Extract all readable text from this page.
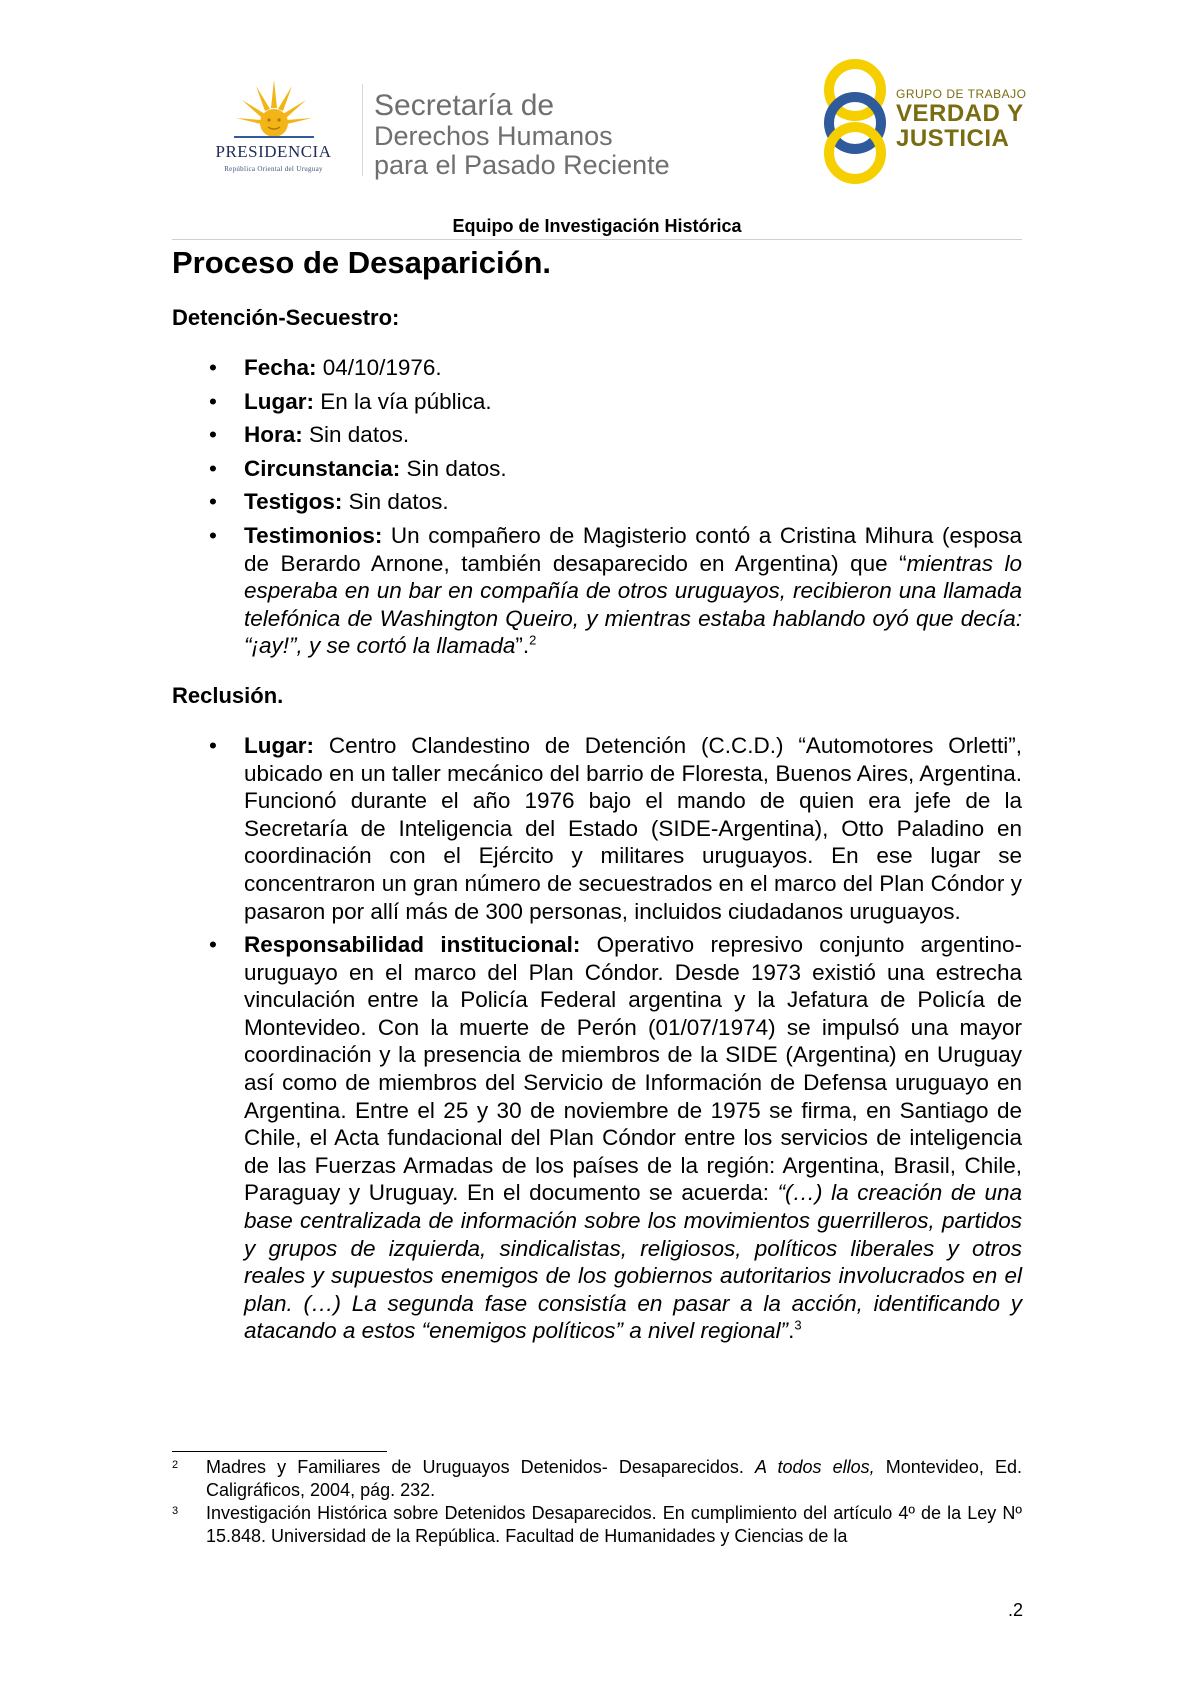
PRESIDENCIA
República Oriental del Uruguay
Secretaría de
Derechos Humanos
para el Pasado Reciente
GRUPO DE TRABAJO
VERDAD Y
JUSTICIA
Equipo de Investigación Histórica
Proceso de Desaparición.
Detención-Secuestro:
• Fecha: 04/10/1976.
• Lugar: En la vía pública.
• Hora: Sin datos.
• Circunstancia: Sin datos.
• Testigos: Sin datos.
• Testimonios: Un compañero de Magisterio contó a Cristina Mihura (esposa de Berardo Arnone, también desaparecido en Argentina) que “mientras lo esperaba en un bar en compañía de otros uruguayos, recibieron una llamada telefónica de Washington Queiro, y mientras estaba hablando oyó que decía: “¡ay!”, y se cortó la llamada”.$^2$
Reclusión.
• Lugar: Centro Clandestino de Detención (C.C.D.) “Automotores Orletti”, ubicado en un taller mecánico del barrio de Floresta, Buenos Aires, Argentina. Funcionó durante el año 1976 bajo el mando de quien era jefe de la Secretaría de Inteligencia del Estado (SIDE-Argentina), Otto Paladino en coordinación con el Ejército y militares uruguayos. En ese lugar se concentraron un gran número de secuestrados en el marco del Plan Cóndor y pasaron por allí más de 300 personas, incluidos ciudadanos uruguayos.
• Responsabilidad institucional: Operativo represivo conjunto argentino-uruguayo en el marco del Plan Cóndor. Desde 1973 existió una estrecha vinculación entre la Policía Federal argentina y la Jefatura de Policía de Montevideo. Con la muerte de Perón (01/07/1974) se impulsó una mayor coordinación y la presencia de miembros de la SIDE (Argentina) en Uruguay así como de miembros del Servicio de Información de Defensa uruguayo en Argentina. Entre el 25 y 30 de noviembre de 1975 se firma, en Santiago de Chile, el Acta fundacional del Plan Cóndor entre los servicios de inteligencia de las Fuerzas Armadas de los países de la región: Argentina, Brasil, Chile, Paraguay y Uruguay. En el documento se acuerda: “(…) la creación de una base centralizada de información sobre los movimientos guerrilleros, partidos y grupos de izquierda, sindicalistas, religiosos, políticos liberales y otros reales y supuestos enemigos de los gobiernos autoritarios involucrados en el plan. (…) La segunda fase consistía en pasar a la acción, identificando y atacando a estos “enemigos políticos” a nivel regional”.$^3$
2 Madres y Familiares de Uruguayos Detenidos- Desaparecidos. A todos ellos, Montevideo, Ed. Caligráficos, 2004, pág. 232.
3 Investigación Histórica sobre Detenidos Desaparecidos. En cumplimiento del artículo 4º de la Ley Nº 15.848. Universidad de la República. Facultad de Humanidades y Ciencias de la
.2
